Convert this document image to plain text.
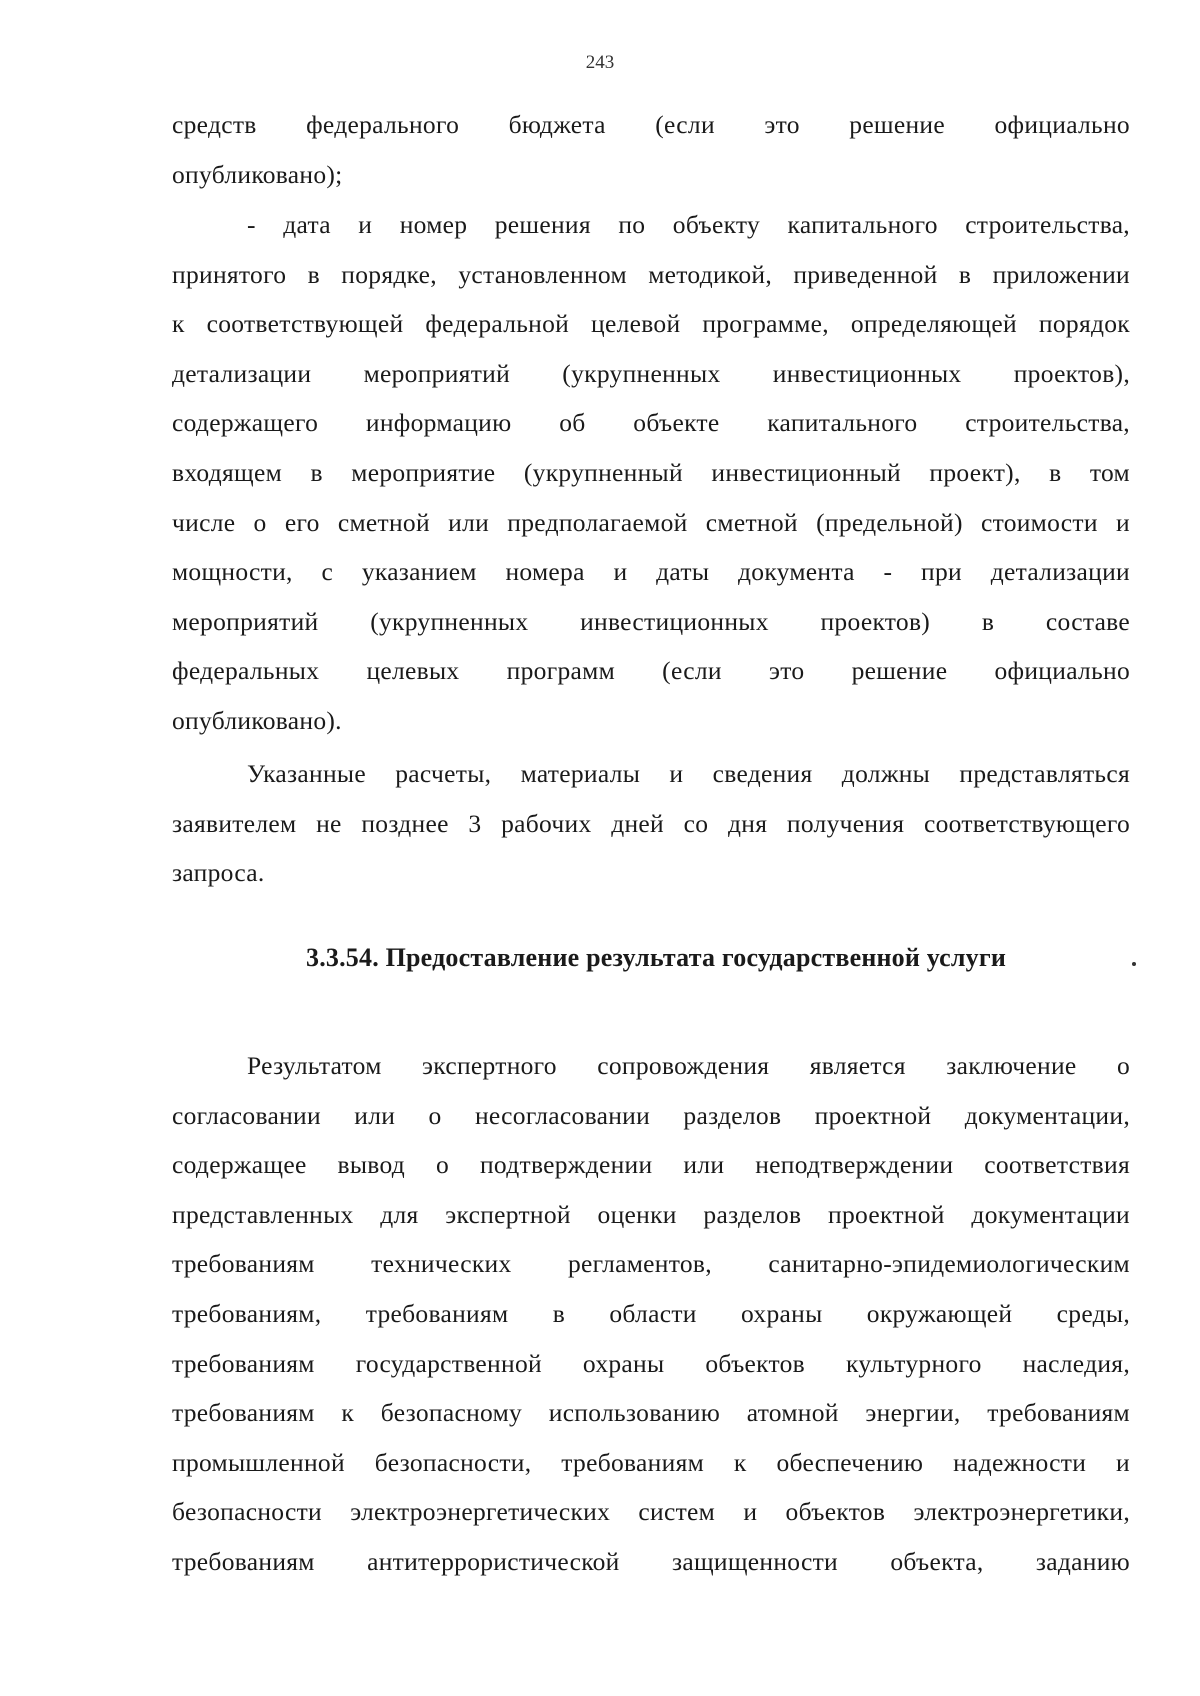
243
средств федерального бюджета (если это решение официально
опубликовано);
- дата и номер решения по объекту капитального строительства,
принятого в порядке, установленном методикой, приведенной в приложении
к соответствующей федеральной целевой программе, определяющей порядок
детализации мероприятий (укрупненных инвестиционных проектов),
содержащего информацию об объекте капитального строительства,
входящем в мероприятие (укрупненный инвестиционный проект), в том
числе о его сметной или предполагаемой сметной (предельной) стоимости и
мощности, с указанием номера и даты документа - при детализации
мероприятий (укрупненных инвестиционных проектов) в составе
федеральных целевых программ (если это решение официально
опубликовано).
Указанные расчеты, материалы и сведения должны представляться
заявителем не позднее 3 рабочих дней со дня получения соответствующего
запроса.
3.3.54. Предоставление результата государственной услуги
Результатом экспертного сопровождения является заключение о
согласовании или о несогласовании разделов проектной документации,
содержащее вывод о подтверждении или неподтверждении соответствия
представленных для экспертной оценки разделов проектной документации
требованиям технических регламентов, санитарно-эпидемиологическим
требованиям, требованиям в области охраны окружающей среды,
требованиям государственной охраны объектов культурного наследия,
требованиям к безопасному использованию атомной энергии, требованиям
промышленной безопасности, требованиям к обеспечению надежности и
безопасности электроэнергетических систем и объектов электроэнергетики,
требованиям антитеррористической защищенности объекта, заданию
